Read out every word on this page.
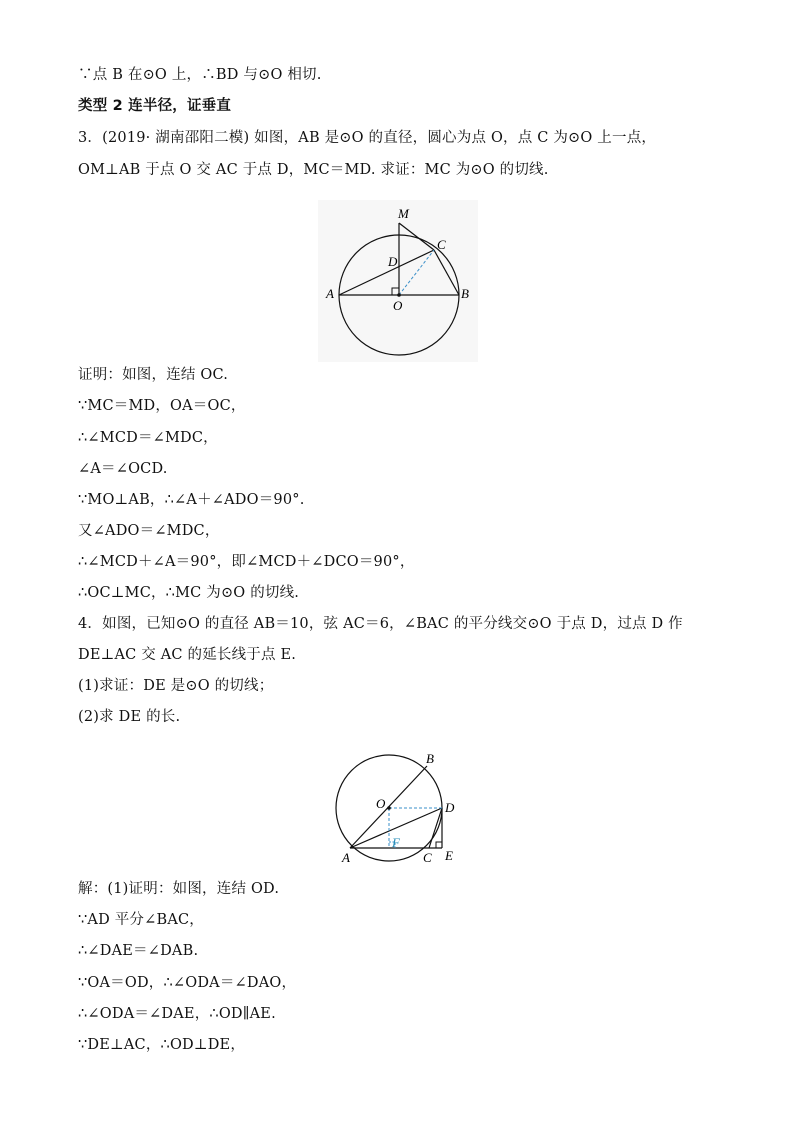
∵点 B 在⊙O 上，∴BD 与⊙O 相切.
类型 2 连半径，证垂直
3．(2019· 湖南邵阳二模) 如图，AB 是⊙O 的直径，圆心为点 O，点 C 为⊙O 上一点，
OM⊥AB 于点 O 交 AC 于点 D，MC＝MD. 求证：MC 为⊙O 的切线.
证明：如图，连结 OC.
∵MC＝MD，OA＝OC，
∴∠MCD＝∠MDC，
∠A＝∠OCD.
∵MO⊥AB，∴∠A＋∠ADO＝90°.
又∠ADO＝∠MDC，
∴∠MCD＋∠A＝90°，即∠MCD＋∠DCO＝90°，
∴OC⊥MC，∴MC 为⊙O 的切线.
4．如图，已知⊙O 的直径 AB＝10，弦 AC＝6，∠BAC 的平分线交⊙O 于点 D，过点 D 作
DE⊥AC 交 AC 的延长线于点 E.
(1)求证：DE 是⊙O 的切线；
(2)求 DE 的长.
解：(1)证明：如图，连结 OD.
∵AD 平分∠BAC，
∴∠DAE＝∠DAB.
∵OA＝OD，∴∠ODA＝∠DAO，
∴∠ODA＝∠DAE，∴OD∥AE.
∵DE⊥AC，∴OD⊥DE，
M
C
D
A
O
B
B
O	D
F
A	C E
